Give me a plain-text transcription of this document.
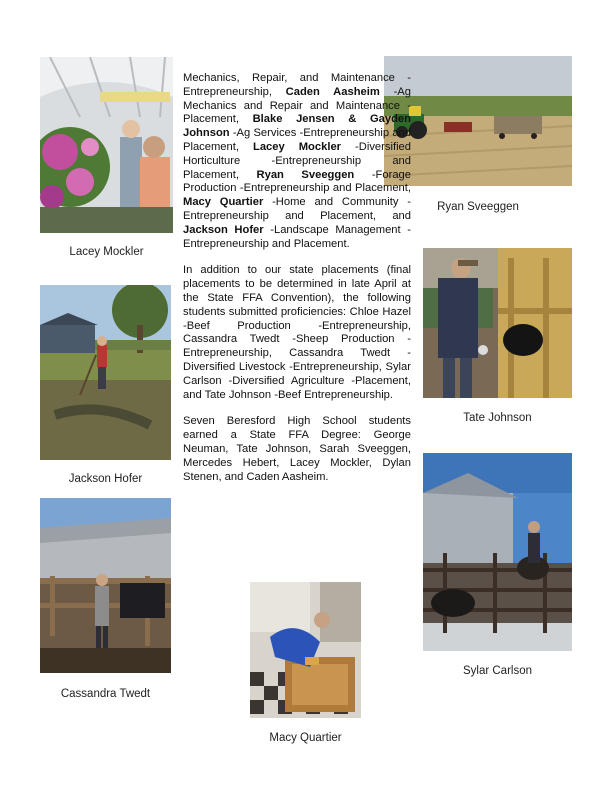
Lacey Mockler
Jackson Hofer
Cassandra Twedt
Macy Quartier
Ryan Sveeggen
Tate Johnson
Sylar Carlson

Mechanics, Repair, and Maintenance -Entrepreneurship, Caden Aasheim -Ag Mechanics and Repair and Maintenance -Placement, Blake Jensen & Gayden Johnson -Ag Services -Entrepreneurship and Placement, Lacey Mockler -Diversified Horticulture -Entrepreneurship and Placement, Ryan Sveeggen -Forage Production -Entrepreneurship and Placement, Macy Quartier -Home and Community -Entrepreneurship and Placement, and Jackson Hofer -Landscape Management -Entrepreneurship and Placement.

In addition to our state placements (final placements to be determined in late April at the State FFA Convention), the following students submitted proficiencies: Chloe Hazel -Beef Production -Entrepreneurship, Cassandra Twedt -Sheep Production -Entrepreneurship, Cassandra Twedt -Diversified Livestock -Entrepreneurship, Sylar Carlson -Diversified Agriculture -Placement, and Tate Johnson -Beef Entrepreneurship.

Seven Beresford High School students earned a State FFA Degree: George Neuman, Tate Johnson, Sarah Sveeggen, Mercedes Hebert, Lacey Mockler, Dylan Stenen, and Caden Aasheim.
